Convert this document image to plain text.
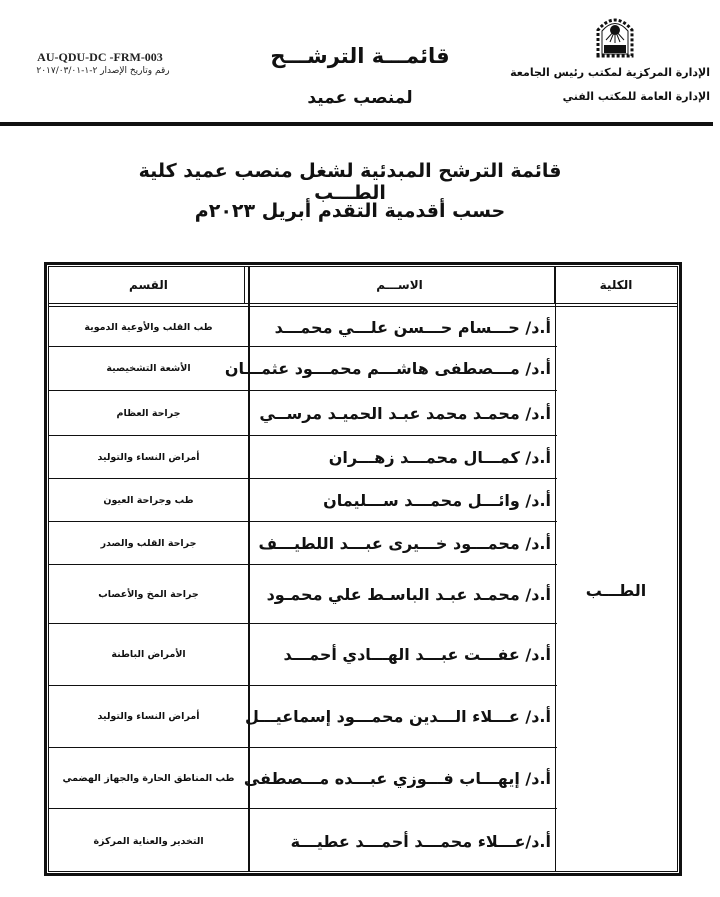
AU-QDU-DC -FRM-003
رقم وتاريخ الإصدار ٢-١-٢٠١٧/٠٣/٠١
قائمـــة الترشـــح
لمنصب عميد
الإدارة المركزية لمكتب رئيس الجامعة
الإدارة العامة للمكتب الفني
قائمة الترشح المبدئية لشغل منصب عميد كلية الطـــب
حسب أقدمية التقدم أبريل ٢٠٢٣م
الكلية
الاســـم
القسم
الطـــب
أ.د/ حـــسام حـــسن علـــي محمـــد
طب القلب والأوعية الدموية
أ.د/ مـــصطفى هاشـــم محمـــود عثمـــان
الأشعة التشخيصية
أ.د/ محمـد محمد عبـد الحميـد مرســي
جراحة العظام
أ.د/ كمـــال محمـــد زهـــران
أمراض النساء والتوليد
أ.د/ وائـــل محمـــد ســـليمان
طب وجراحة العيون
أ.د/ محمـــود خـــيرى عبـــد اللطيـــف
جراحة القلب والصدر
أ.د/ محمـد عبـد الباسـط علي محمـود
جراحة المخ والأعصاب
أ.د/ عفـــت عبـــد الهـــادي أحمـــد
الأمراض الباطنة
أ.د/ عـــلاء الـــدين محمـــود إسماعيـــل
أمراض النساء والتوليد
أ.د/ إيهـــاب فـــوزي عبـــده مـــصطفى
طب المناطق الحارة والجهاز الهضمي
أ.د/عـــلاء محمـــد أحمـــد عطيـــة
التخدير والعناية المركزة
